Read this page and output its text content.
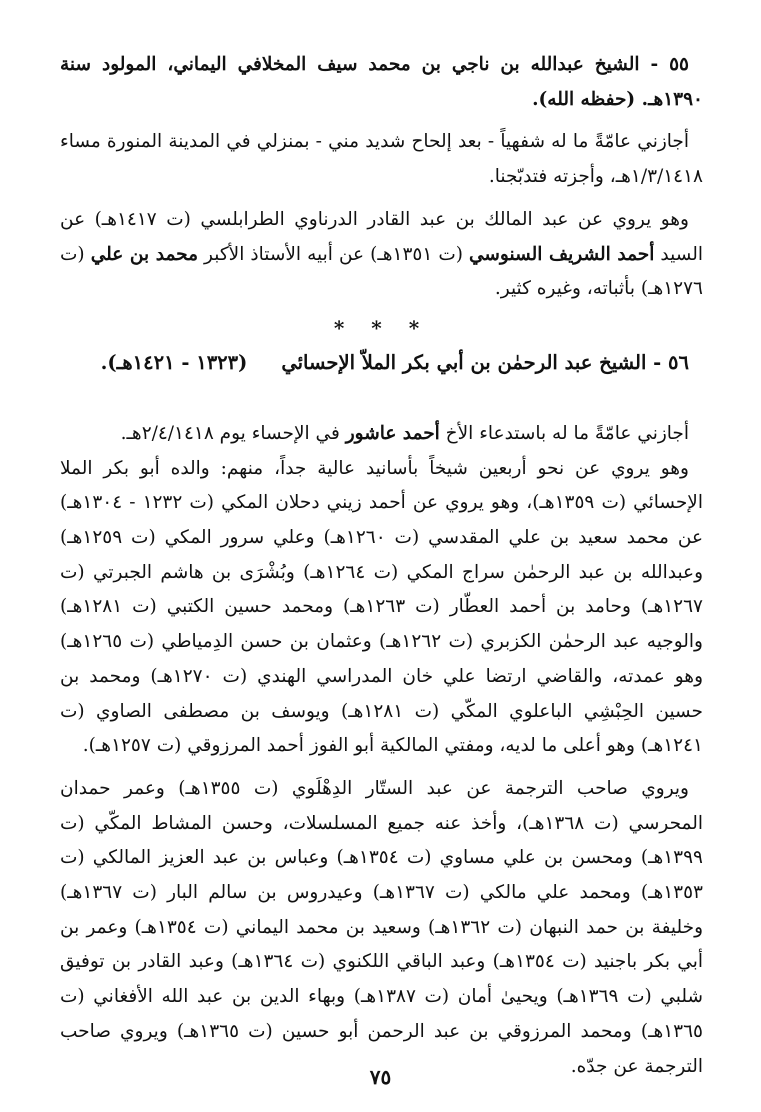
٥٥ - الشيخ عبدالله بن ناجي بن محمد سيف المخلافي اليماني، المولود سنة ١٣٩٠هـ. (حفظه الله).

أجازني عامّةً ما له شفهياً - بعد إلحاح شديد مني - بمنزلي في المدينة المنورة مساء ١/٣/١٤١٨هـ، وأجزته فتدبّجنا.

وهو يروي عن عبد المالك بن عبد القادر الدرناوي الطرابلسي (ت ١٤١٧هـ) عن السيد أحمد الشريف السنوسي (ت ١٣٥١هـ) عن أبيه الأستاذ الأكبر محمد بن علي (ت ١٢٧٦هـ) بأثباته، وغيره كثير.

* * *

٥٦ - الشيخ عبد الرحمٰن بن أبي بكر الملاّ الإحسائي(١٣٢٣ - ١٤٢١هـ).

أجازني عامّةً ما له باستدعاء الأخ أحمد عاشور في الإحساء يوم ٢/٤/١٤١٨هـ.

وهو يروي عن نحو أربعين شيخاً بأسانيد عالية جداً، منهم: والده أبو بكر الملا الإحسائي (ت ١٣٥٩هـ)، وهو يروي عن أحمد زيني دحلان المكي (ت ١٢٣٢ - ١٣٠٤هـ) عن محمد سعيد بن علي المقدسي (ت ١٢٦٠هـ) وعلي سرور المكي (ت ١٢٥٩هـ) وعبدالله بن عبد الرحمٰن سراج المكي (ت ١٢٦٤هـ) وبُشْرَى بن هاشم الجبرتي (ت ١٢٦٧هـ) وحامد بن أحمد العطّار (ت ١٢٦٣هـ) ومحمد حسين الكتبي (ت ١٢٨١هـ) والوجيه عبد الرحمٰن الكزبري (ت ١٢٦٢هـ) وعثمان بن حسن الدِمياطي (ت ١٢٦٥هـ) وهو عمدته، والقاضي ارتضا علي خان المدراسي الهندي (ت ١٢٧٠هـ) ومحمد بن حسين الحِبْشِي الباعلوي المكّي (ت ١٢٨١هـ) ويوسف بن مصطفى الصاوي (ت ١٢٤١هـ) وهو أعلى ما لديه، ومفتي المالكية أبو الفوز أحمد المرزوقي (ت ١٢٥٧هـ).

ويروي صاحب الترجمة عن عبد الستّار الدِهْلَوي (ت ١٣٥٥هـ) وعمر حمدان المحرسي (ت ١٣٦٨هـ)، وأخذ عنه جميع المسلسلات، وحسن المشاط المكّي (ت ١٣٩٩هـ) ومحسن بن علي مساوي (ت ١٣٥٤هـ) وعباس بن عبد العزيز المالكي (ت ١٣٥٣هـ) ومحمد علي مالكي (ت ١٣٦٧هـ) وعيدروس بن سالم البار (ت ١٣٦٧هـ) وخليفة بن حمد النبهان (ت ١٣٦٢هـ) وسعيد بن محمد اليماني (ت ١٣٥٤هـ) وعمر بن أبي بكر باجنيد (ت ١٣٥٤هـ) وعبد الباقي اللكنوي (ت ١٣٦٤هـ) وعبد القادر بن توفيق شلبي (ت ١٣٦٩هـ) ويحيىٰ أمان (ت ١٣٨٧هـ) وبهاء الدين بن عبد الله الأفغاني (ت ١٣٦٥هـ) ومحمد المرزوقي بن عبد الرحمن أبو حسين (ت ١٣٦٥هـ) ويروي صاحب الترجمة عن جدّه.

٧٥
